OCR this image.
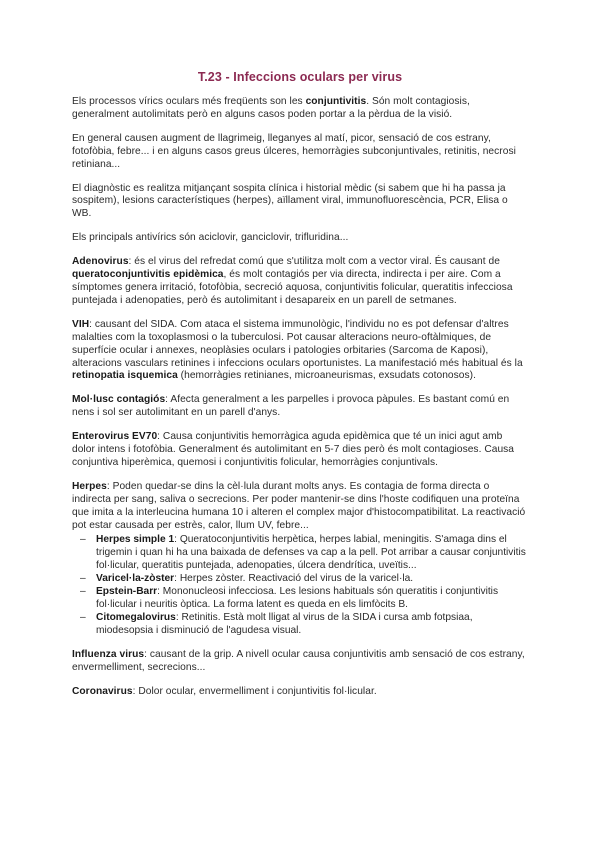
T.23 - Infeccions oculars per virus

Els processos vírics oculars més freqüents son les conjuntivitis. Són molt contagiosis, generalment autolimitats però en alguns casos poden portar a la pèrdua de la visió.

En general causen augment de llagrimeig, lleganyes al matí, picor, sensació de cos estrany, fotofòbia, febre... i en alguns casos greus úlceres, hemorràgies subconjuntivales, retinitis, necrosi retiniana...

El diagnòstic es realitza mitjançant sospita clínica i historial mèdic (si sabem que hi ha passa ja sospitem), lesions característiques (herpes), aïllament viral, immunofluorescència, PCR, Elisa o WB.

Els principals antivírics són aciclovir, ganciclovir, trifluridina...

Adenovirus: és el virus del refredat comú que s'utilitza molt com a vector viral. És causant de queratoconjuntivitis epidèmica, és molt contagiós per via directa, indirecta i per aire. Com a símptomes genera irritació, fotofòbia, secreció aquosa, conjuntivitis folicular, queratitis infecciosa puntejada i adenopaties, però és autolimitant i desapareix en un parell de setmanes.

VIH: causant del SIDA. Com ataca el sistema immunològic, l'individu no es pot defensar d'altres malalties com la toxoplasmosi o la tuberculosi. Pot causar alteracions neuro-oftàlmiques, de superfície ocular i annexes, neoplàsies oculars i patologies orbitaries (Sarcoma de Kaposi), alteracions vasculars retinines i infeccions oculars oportunistes. La manifestació més habitual és la retinopatia isquemica (hemorràgies retinianes, microaneurismas, exsudats cotonosos).

Mol·lusc contagiós: Afecta generalment a les parpelles i provoca pàpules. Es bastant comú en nens i sol ser autolimitant en un parell d'anys.

Enterovirus EV70: Causa conjuntivitis hemorràgica aguda epidèmica que té un inici agut amb dolor intens i fotofòbia. Generalment és autolimitant en 5-7 dies però és molt contagioses. Causa conjuntiva hiperèmica, quemosi i conjuntivitis folicular, hemorràgies conjuntivals.

Herpes: Poden quedar-se dins la cèl·lula durant molts anys. Es contagia de forma directa o indirecta per sang, saliva o secrecions. Per poder mantenir-se dins l'hoste codifiquen una proteïna que imita a la interleucina humana 10 i alteren el complex major d'histocompatibilitat. La reactivació pot estar causada per estrès, calor, llum UV, febre...

– Herpes simple 1: Queratoconjuntivitis herpètica, herpes labial, meningitis. S'amaga dins el trigemin i quan hi ha una baixada de defenses va cap a la pell. Pot arribar a causar conjuntivitis fol·licular, queratitis puntejada, adenopaties, úlcera dendrítica, uveïtis...
– Varicel·la-zòster: Herpes zòster. Reactivació del virus de la varicel·la.
– Epstein-Barr: Mononucleosi infecciosa. Les lesions habituals són queratitis i conjuntivitis fol·licular i neuritis òptica. La forma latent es queda en els limfòcits B.
– Citomegalovirus: Retinitis. Està molt lligat al virus de la SIDA i cursa amb fotpsiaa, miodesopsia i disminució de l'agudesa visual.

Influenza virus: causant de la grip. A nivell ocular causa conjuntivitis amb sensació de cos estrany, envermelliment, secrecions...

Coronavirus: Dolor ocular, envermelliment i conjuntivitis fol·licular.
